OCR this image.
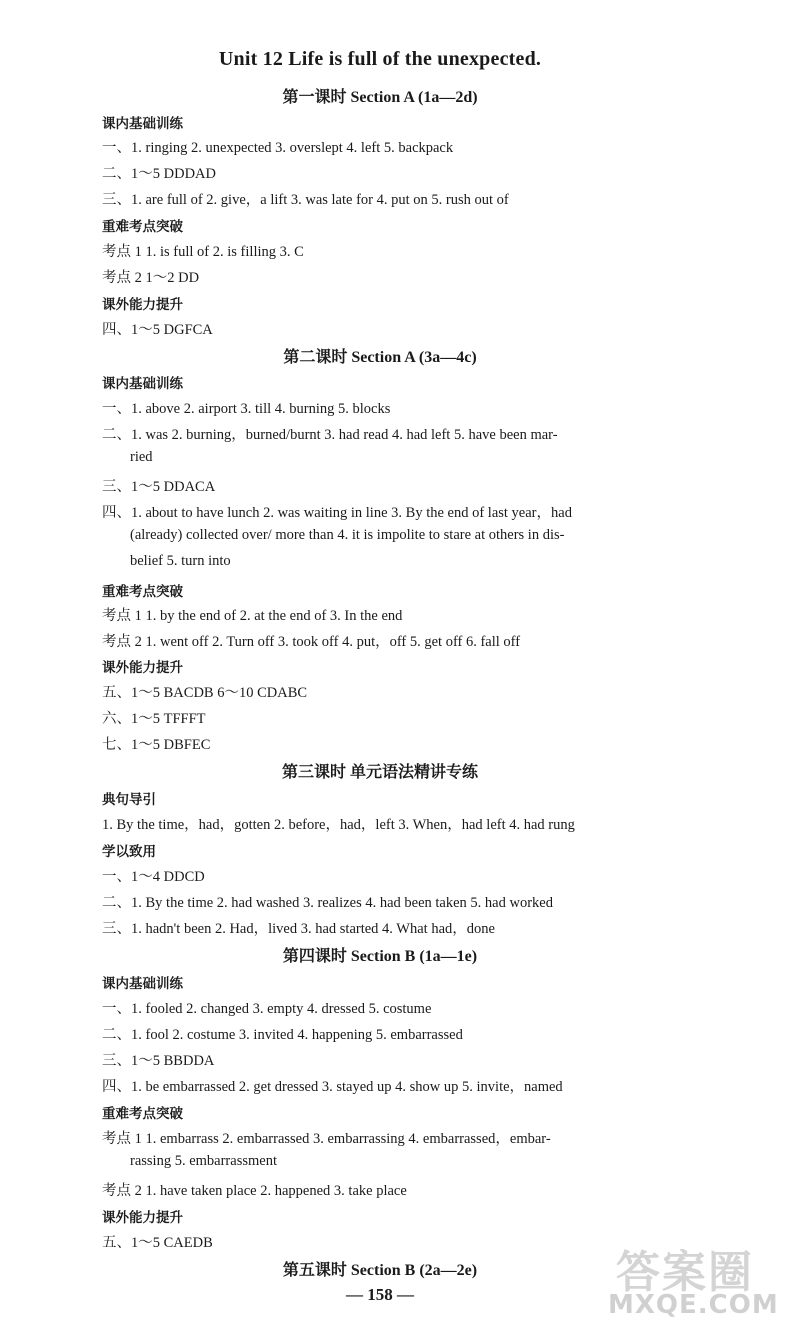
Unit 12 Life is full of the unexpected.
第一课时 Section A (1a—2d)
课内基础训练
一、1. ringing 2. unexpected 3. overslept 4. left 5. backpack
二、1～5 DDDAD
三、1. are full of 2. give，a lift 3. was late for 4. put on 5. rush out of
重难考点突破
考点 1 1. is full of 2. is filling 3. C
考点 2 1～2 DD
课外能力提升
四、1～5 DGFCA
第二课时 Section A (3a—4c)
课内基础训练
一、1. above 2. airport 3. till 4. burning 5. blocks
二、1. was 2. burning，burned/burnt 3. had read 4. had left 5. have been mar-
ried
三、1～5 DDACA
四、1. about to have lunch 2. was waiting in line 3. By the end of last year，had
(already) collected over/ more than 4. it is impolite to stare at others in dis-
belief 5. turn into
重难考点突破
考点 1 1. by the end of 2. at the end of 3. In the end
考点 2 1. went off 2. Turn off 3. took off 4. put，off 5. get off 6. fall off
课外能力提升
五、1～5 BACDB 6～10 CDABC
六、1～5 TFFFT
七、1～5 DBFEC
第三课时 单元语法精讲专练
典句导引
1. By the time，had，gotten 2. before，had，left 3. When，had left 4. had rung
学以致用
一、1～4 DDCD
二、1. By the time 2. had washed 3. realizes 4. had been taken 5. had worked
三、1. hadn't been 2. Had，lived 3. had started 4. What had，done
第四课时 Section B (1a—1e)
课内基础训练
一、1. fooled 2. changed 3. empty 4. dressed 5. costume
二、1. fool 2. costume 3. invited 4. happening 5. embarrassed
三、1～5 BBDDA
四、1. be embarrassed 2. get dressed 3. stayed up 4. show up 5. invite，named
重难考点突破
考点 1 1. embarrass 2. embarrassed 3. embarrassing 4. embarrassed，embar-
rassing 5. embarrassment
考点 2 1. have taken place 2. happened 3. take place
课外能力提升
五、1～5 CAEDB
第五课时 Section B (2a—2e)
— 158 —	答案圈
MXQE.COM
